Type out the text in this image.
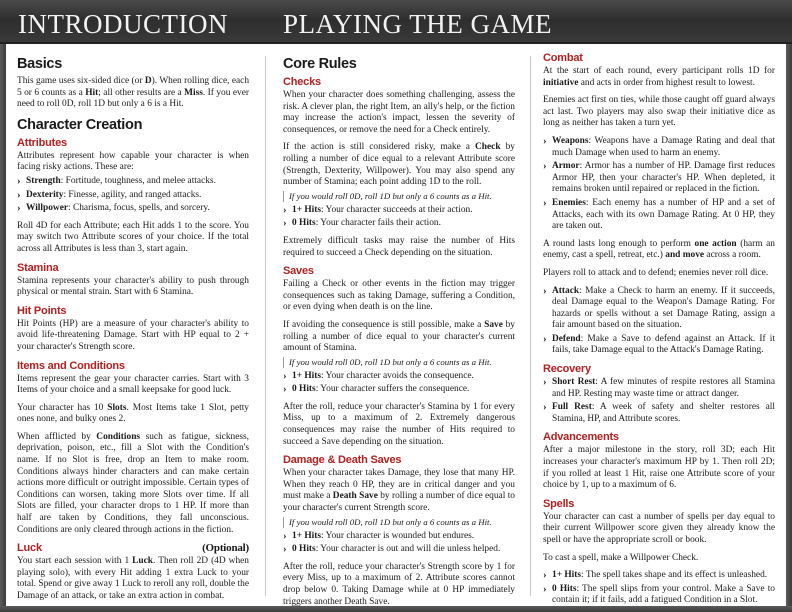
INTRODUCTION PLAYING THE GAME
Basics

This game uses six-sided dice (or D). When rolling dice, each 5 or 6 counts as a Hit; all other results are a Miss. If you ever need to roll 0D, roll 1D but only a 6 is a Hit.

Character Creation
Attributes

Attributes represent how capable your character is when facing risky actions. These are:

› Strength: Fortitude, toughness, and melee attacks.
› Dexterity: Finesse, agility, and ranged attacks.
› Willpower: Charisma, focus, spells, and sorcery.

Roll 4D for each Attribute; each Hit adds 1 to the score. You may switch two Attribute scores of your choice. If the total across all Attributes is less than 3, start again.

Stamina

Stamina represents your character's ability to push through physical or mental strain. Start with 6 Stamina.

Hit Points

Hit Points (HP) are a measure of your character's ability to avoid life-threatening Damage. Start with HP equal to 2 + your character's Strength score.

Items and Conditions

Items represent the gear your character carries. Start with 3 Items of your choice and a small keepsake for good luck.

Your character has 10 Slots. Most Items take 1 Slot, petty ones none, and bulky ones 2.

When afflicted by Conditions such as fatigue, sickness, deprivation, poison, etc., fill a Slot with the Condition's name. If no Slot is free, drop an Item to make room. Conditions always hinder characters and can make certain actions more difficult or outright impossible. Certain types of Conditions can worsen, taking more Slots over time. If all Slots are filled, your character drops to 1 HP. If more than half are taken by Conditions, they fall unconscious. Conditions are only cleared through actions in the fiction.

Luck	(Optional)

You start each session with 1 Luck. Then roll 2D (4D when playing solo), with every Hit adding 1 extra Luck to your total. Spend or give away 1 Luck to reroll any roll, double the Damage of an attack, or take an extra action in combat.

Core Rules
Checks

When your character does something challenging, assess the risk. A clever plan, the right Item, an ally's help, or the fiction may increase the action's impact, lessen the severity of consequences, or remove the need for a Check entirely.

If the action is still considered risky, make a Check by rolling a number of dice equal to a relevant Attribute score (Strength, Dexterity, Willpower). You may also spend any number of Stamina; each point adding 1D to the roll.

If you would roll 0D, roll 1D but only a 6 counts as a Hit.
› 1+ Hits: Your character succeeds at their action.
› 0 Hits: Your character fails their action.

Extremely difficult tasks may raise the number of Hits required to succeed a Check depending on the situation.

Saves

Failing a Check or other events in the fiction may trigger consequences such as taking Damage, suffering a Condition, or even dying when death is on the line.

If avoiding the consequence is still possible, make a Save by rolling a number of dice equal to your character's current amount of Stamina.

If you would roll 0D, roll 1D but only a 6 counts as a Hit.
› 1+ Hits: Your character avoids the consequence.
› 0 Hits: Your character suffers the consequence.

After the roll, reduce your character's Stamina by 1 for every Miss, up to a maximum of 2. Extremely dangerous consequences may raise the number of Hits required to succeed a Save depending on the situation.

Damage & Death Saves

When your character takes Damage, they lose that many HP. When they reach 0 HP, they are in critical danger and you must make a Death Save by rolling a number of dice equal to your character's current Strength score.

If you would roll 0D, roll 1D but only a 6 counts as a Hit.
› 1+ Hits: Your character is wounded but endures.
› 0 Hits: Your character is out and will die unless helped.

After the roll, reduce your character's Strength score by 1 for every Miss, up to a maximum of 2. Attribute scores cannot drop below 0. Taking Damage while at 0 HP immediately triggers another Death Save.

Combat

At the start of each round, every participant rolls 1D for initiative and acts in order from highest result to lowest.

Enemies act first on ties, while those caught off guard always act last. Two players may also swap their initiative dice as long as neither has taken a turn yet.

› Weapons: Weapons have a Damage Rating and deal that much Damage when used to harm an enemy.
› Armor: Armor has a number of HP. Damage first reduces Armor HP, then your character's HP. When depleted, it remains broken until repaired or replaced in the fiction.
› Enemies: Each enemy has a number of HP and a set of Attacks, each with its own Damage Rating. At 0 HP, they are taken out.

A round lasts long enough to perform one action (harm an enemy, cast a spell, retreat, etc.) and move across a room.

Players roll to attack and to defend; enemies never roll dice.

› Attack: Make a Check to harm an enemy. If it succeeds, deal Damage equal to the Weapon's Damage Rating. For hazards or spells without a set Damage Rating, assign a fair amount based on the situation.
› Defend: Make a Save to defend against an Attack. If it fails, take Damage equal to the Attack's Damage Rating.
Recovery
› Short Rest: A few minutes of respite restores all Stamina and HP. Resting may waste time or attract danger.
› Full Rest: A week of safety and shelter restores all Stamina, HP, and Attribute scores.
Advancements

After a major milestone in the story, roll 3D; each Hit increases your character's maximum HP by 1. Then roll 2D; if you rolled at least 1 Hit, raise one Attribute score of your choice by 1, up to a maximum of 6.

Spells

Your character can cast a number of spells per day equal to their current Willpower score given they already know the spell or have the appropriate scroll or book.

To cast a spell, make a Willpower Check.

› 1+ Hits: The spell takes shape and its effect is unleashed.
› 0 Hits: The spell slips from your control. Make a Save to contain it; if it fails, add a fatigued Condition in a Slot.
